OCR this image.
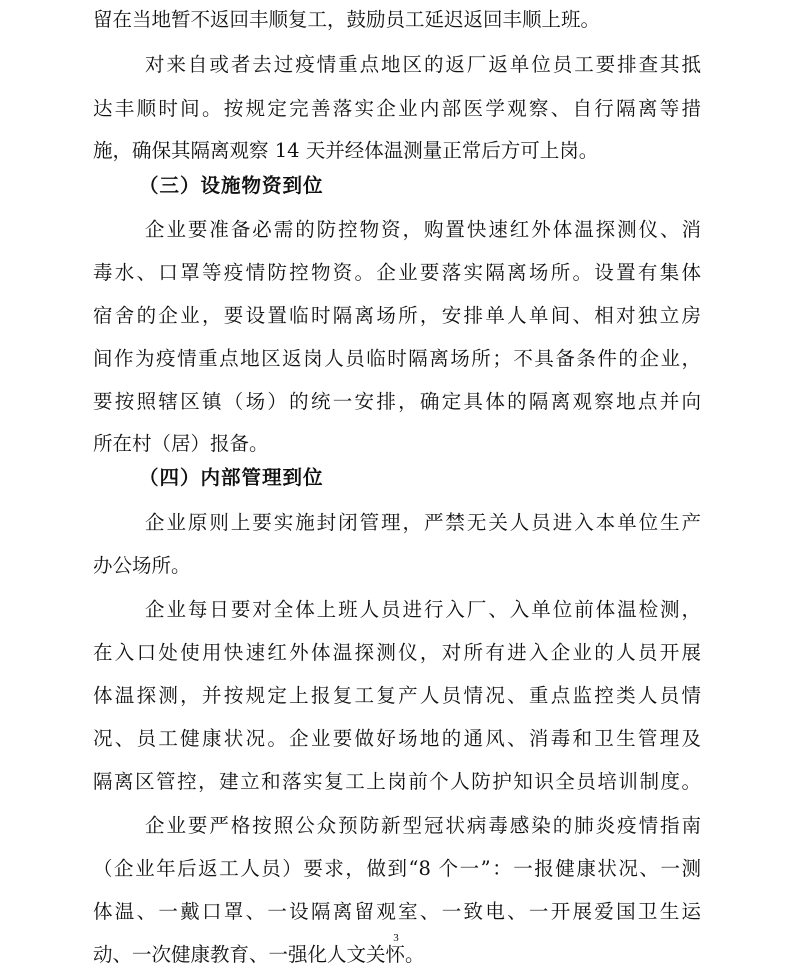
留在当地暂不返回丰顺复工，鼓励员工延迟返回丰顺上班。
对来自或者去过疫情重点地区的返厂返单位员工要排查其抵
达丰顺时间。按规定完善落实企业内部医学观察、自行隔离等措
施，确保其隔离观察 14 天并经体温测量正常后方可上岗。
（三）设施物资到位
企业要准备必需的防控物资，购置快速红外体温探测仪、消
毒水、口罩等疫情防控物资。企业要落实隔离场所。设置有集体
宿舍的企业，要设置临时隔离场所，安排单人单间、相对独立房
间作为疫情重点地区返岗人员临时隔离场所；不具备条件的企业，
要按照辖区镇（场）的统一安排，确定具体的隔离观察地点并向
所在村（居）报备。
（四）内部管理到位
企业原则上要实施封闭管理，严禁无关人员进入本单位生产
办公场所。
企业每日要对全体上班人员进行入厂、入单位前体温检测，
在入口处使用快速红外体温探测仪，对所有进入企业的人员开展
体温探测，并按规定上报复工复产人员情况、重点监控类人员情
况、员工健康状况。企业要做好场地的通风、消毒和卫生管理及
隔离区管控，建立和落实复工上岗前个人防护知识全员培训制度。
企业要严格按照公众预防新型冠状病毒感染的肺炎疫情指南
（企业年后返工人员）要求，做到“8 个一”：一报健康状况、一测
体温、一戴口罩、一设隔离留观室、一致电、一开展爱国卫生运
动、一次健康教育、一强化人文关怀。
3
